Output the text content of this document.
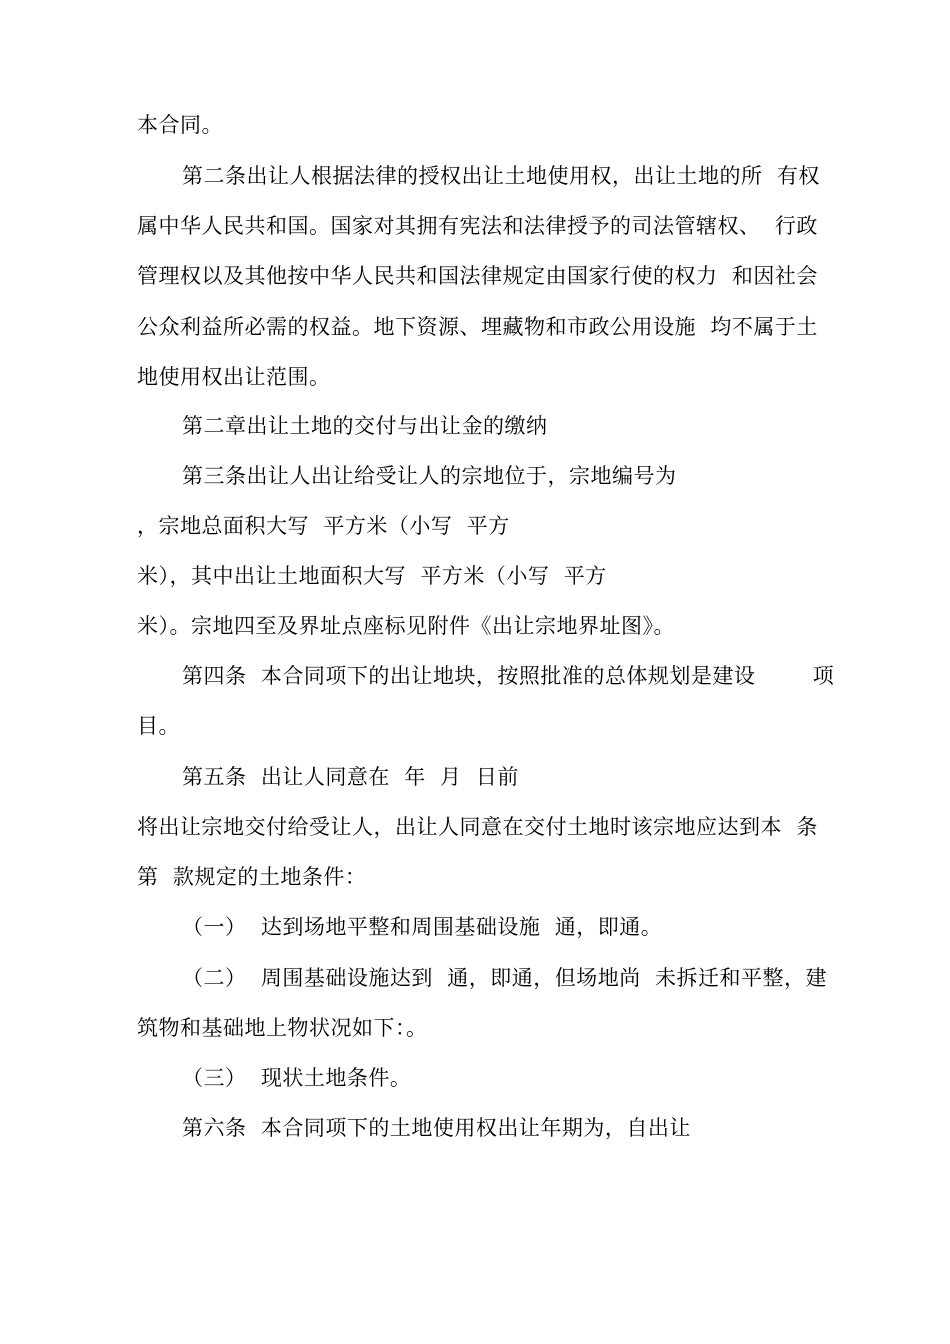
本合同。
第二条出让人根据法律的授权出让土地使用权，出让土地的所  有权
属中华人民共和国。国家对其拥有宪法和法律授予的司法管辖权、  行政
管理权以及其他按中华人民共和国法律规定由国家行使的权力  和因社会
公众利益所必需的权益。地下资源、埋藏物和市政公用设施  均不属于土
地使用权出让范围。
第二章出让土地的交付与出让金的缴纳
第三条出让人出让给受让人的宗地位于，宗地编号为
，宗地总面积大写  平方米（小写  平方
米），其中出让土地面积大写  平方米（小写  平方
米）。宗地四至及界址点座标见附件《出让宗地界址图》。
第四条  本合同项下的出让地块，按照批准的总体规划是建设        项
目。
第五条  出让人同意在  年  月  日前
将出让宗地交付给受让人，出让人同意在交付土地时该宗地应达到本  条
第  款规定的土地条件：
（一）  达到场地平整和周围基础设施  通，即通。
（二）  周围基础设施达到  通，即通，但场地尚  未拆迁和平整，建
筑物和基础地上物状况如下：。
（三）  现状土地条件。
第六条  本合同项下的土地使用权出让年期为，自出让
